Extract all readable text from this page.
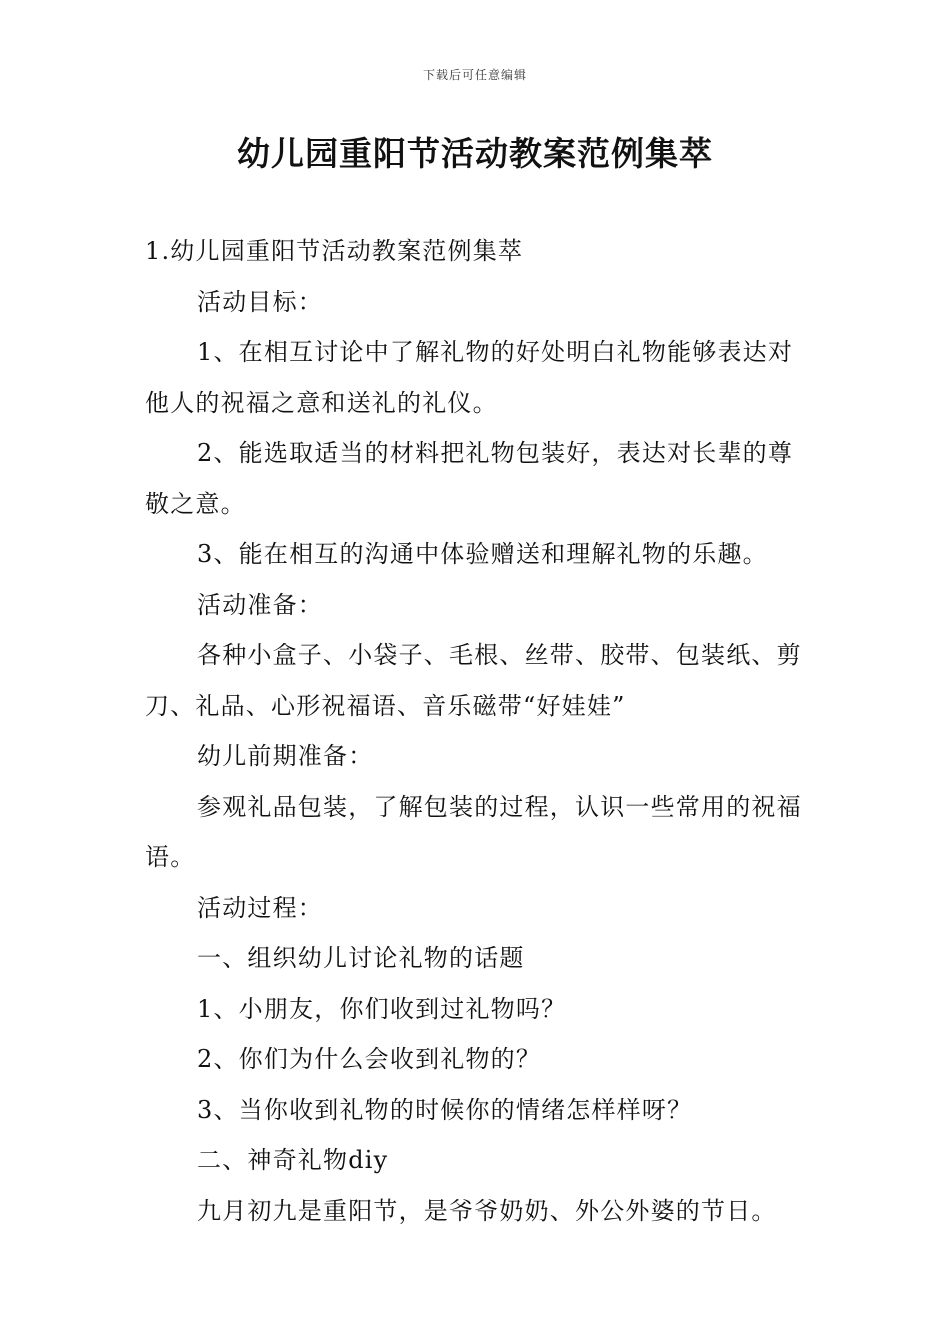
下载后可任意编辑
幼儿园重阳节活动教案范例集萃

1.幼儿园重阳节活动教案范例集萃

活动目标：

1、在相互讨论中了解礼物的好处明白礼物能够表达对他人的祝福之意和送礼的礼仪。

2、能选取适当的材料把礼物包装好，表达对长辈的尊敬之意。

3、能在相互的沟通中体验赠送和理解礼物的乐趣。

活动准备：

各种小盒子、小袋子、毛根、丝带、胶带、包装纸、剪刀、礼品、心形祝福语、音乐磁带“好娃娃”

幼儿前期准备：

参观礼品包装，了解包装的过程，认识一些常用的祝福语。

活动过程：

一、组织幼儿讨论礼物的话题

1、小朋友，你们收到过礼物吗？

2、你们为什么会收到礼物的？

3、当你收到礼物的时候你的情绪怎样样呀？

二、神奇礼物diy

九月初九是重阳节，是爷爷奶奶、外公外婆的节日。
